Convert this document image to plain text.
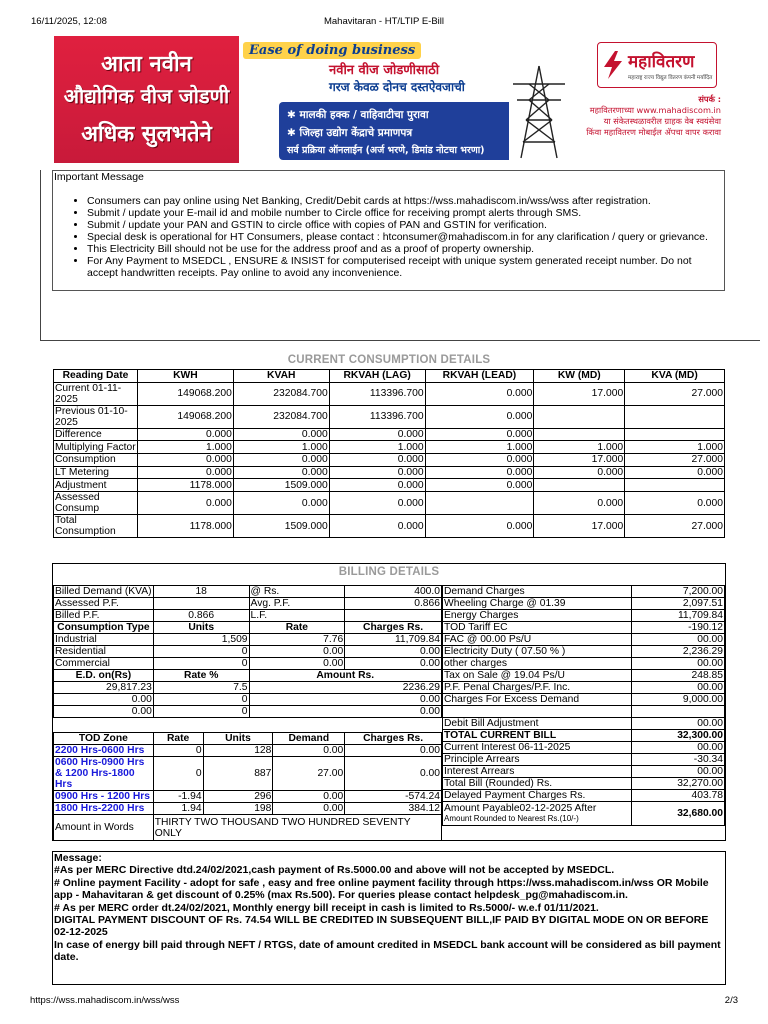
16/11/2025, 12:08	Mahavitaran - HT/LTIP E-Bill
आता नवीन
औद्योगिक वीज जोडणी
अधिक सुलभतेने
Ease of doing business
नवीन वीज जोडणीसाठी
गरज केवळ दोनच दस्तऐवजाची
✱ मालकी हक्क / वाहिवाटीचा पुरावा
✱ जिल्हा उद्योग केंद्राचे प्रमाणपत्र
सर्व प्रक्रिया ऑनलाईन (अर्ज भरणे, डिमांड नोटचा भरणा)
महावितरण
महाराष्ट्र राज्य विद्युत वितरण कंपनी मर्यादित
संपर्क :
महावितरणाच्या www.mahadiscom.in
या संकेतस्थळावरील ग्राहक वेब स्वयंसेवा
किंवा महावितरण मोबाईल ॲपचा वापर करावा
Important Message
• Consumers can pay online using Net Banking, Credit/Debit cards at https://wss.mahadiscom.in/wss/wss after registration.
• Submit / update your E-mail id and mobile number to Circle office for receiving prompt alerts through SMS.
• Submit / update your PAN and GSTIN to circle office with copies of PAN and GSTIN for verification.
• Special desk is operational for HT Consumers, please contact : htconsumer@mahadiscom.in for any clarification / query or grievance.
• This Electricity Bill should not be use for the address proof and as a proof of property ownership.
• For Any Payment to MSEDCL , ENSURE & INSIST for computerised receipt with unique system generated receipt number. Do not accept handwritten receipts. Pay online to avoid any inconvenience.
CURRENT CONSUMPTION DETAILS
Reading Date	KWH	KVAH	RKVAH (LAG)	RKVAH (LEAD)	KW (MD)	KVA (MD)
Current 01-11-2025	149068.200	232084.700	113396.700	0.000	17.000	27.000
Previous 01-10-2025	149068.200	232084.700	113396.700	0.000		
Difference	0.000	0.000	0.000	0.000		
Multiplying Factor	1.000	1.000	1.000	1.000	1.000	1.000
Consumption	0.000	0.000	0.000	0.000	17.000	27.000
LT Metering	0.000	0.000	0.000	0.000	0.000	0.000
Adjustment	1178.000	1509.000	0.000	0.000		
Assessed Consump	0.000	0.000	0.000		0.000	0.000
Total Consumption	1178.000	1509.000	0.000	0.000	17.000	27.000
BILLING DETAILS
Billed Demand (KVA)	18	@ Rs.	400.0
Assessed P.F.		Avg. P.F.	0.866
Billed P.F.	0.866	L.F.	
Consumption Type	Units	Rate	Charges Rs.
Industrial	1,509	7.76	11,709.84
Residential	0	0.00	0.00
Commercial	0	0.00	0.00
E.D. on(Rs)	Rate %	Amount Rs.	
29,817.23	7.5	2236.29	
0.00	0	0.00	
0.00	0	0.00	
TOD Zone	Rate	Units	Demand	Charges Rs.
2200 Hrs-0600 Hrs	0	128	0.00	0.00
0600 Hrs-0900 Hrs & 1200 Hrs-1800 Hrs	0	887	27.00	0.00
0900 Hrs - 1200 Hrs	-1.94	296	0.00	-574.24
1800 Hrs-2200 Hrs	1.94	198	0.00	384.12
Amount in Words	THIRTY TWO THOUSAND TWO HUNDRED SEVENTY ONLY			
Demand Charges	7,200.00
Wheeling Charge @ 01.39	2,097.51
Energy Charges	11,709.84
TOD Tariff EC	-190.12
FAC @ 00.00 Ps/U	00.00
Electricity Duty ( 07.50 % )	2,236.29
other charges	00.00
Tax on Sale @ 19.04 Ps/U	248.85
P.F. Penal Charges/P.F. Inc.	00.00
Charges For Excess Demand	9,000.00

Debit Bill Adjustment	00.00
TOTAL CURRENT BILL	32,300.00
Current Interest 06-11-2025	00.00
Principle Arrears	-30.34
Interest Arrears	00.00
Total Bill (Rounded) Rs.	32,270.00
Delayed Payment Charges Rs.	403.78
Amount Payable02-12-2025 After
Amount Rounded to Nearest Rs.(10/-)	32,680.00
Message:
#As per MERC Directive dtd.24/02/2021,cash payment of Rs.5000.00 and above will not be accepted by MSEDCL.
# Online payment Facility - adopt for safe , easy and free online payment facility through https://wss.mahadiscom.in/wss OR Mobile app - Mahavitaran & get discount of 0.25% (max Rs.500). For queries please contact helpdesk_pg@mahadiscom.in.
# As per MERC order dt.24/02/2021, Monthly energy bill receipt in cash is limited to Rs.5000/- w.e.f 01/11/2021.
DIGITAL PAYMENT DISCOUNT OF Rs. 74.54 WILL BE CREDITED IN SUBSEQUENT BILL,IF PAID BY DIGITAL MODE ON OR BEFORE 02-12-2025
In case of energy bill paid through NEFT / RTGS, date of amount credited in MSEDCL bank account will be considered as bill payment date.
https://wss.mahadiscom.in/wss/wss	2/3
